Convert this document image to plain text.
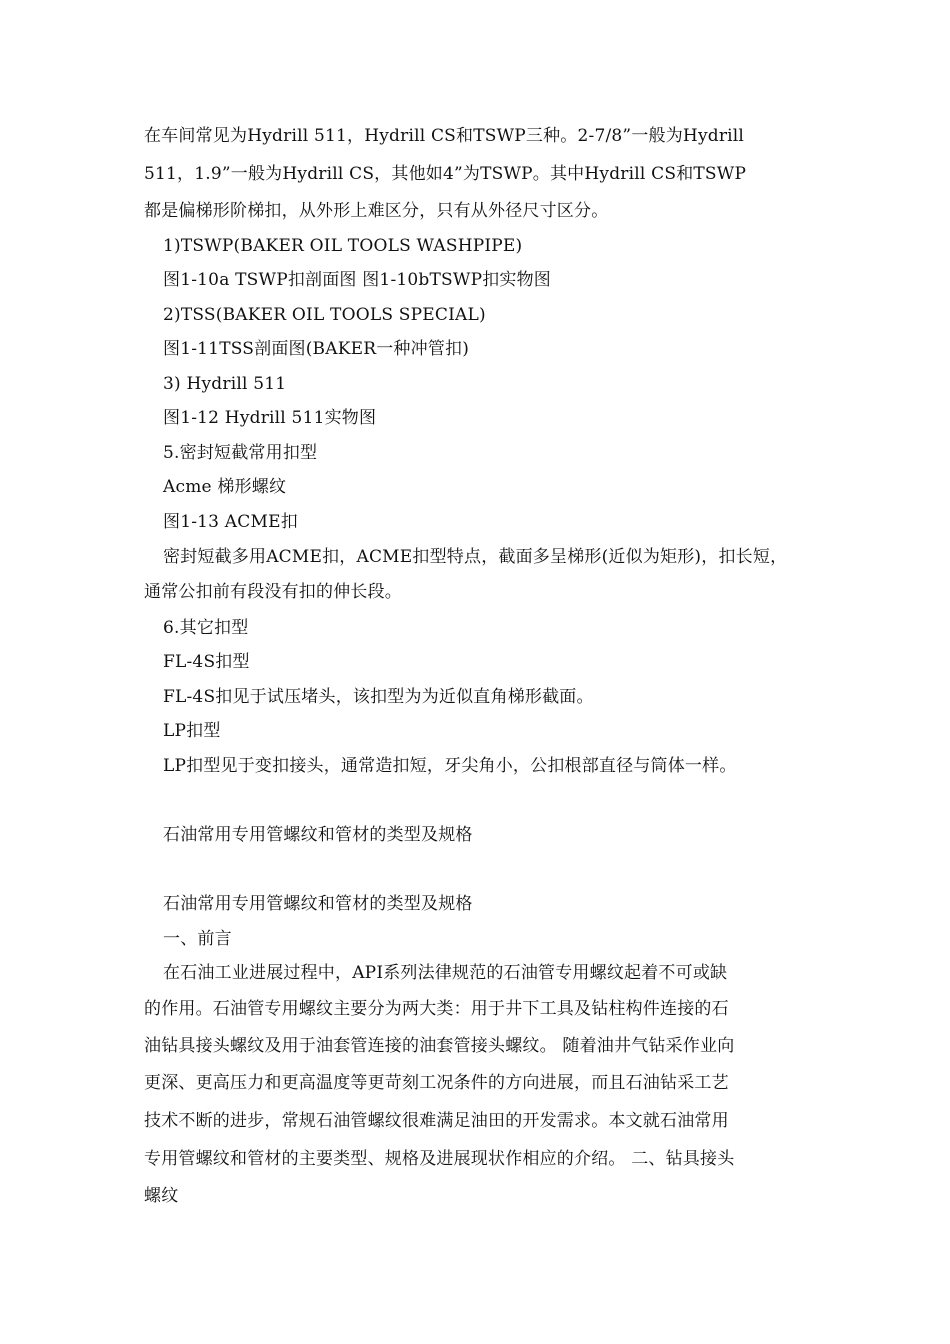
在车间常见为Hydrill 511，Hydrill CS和TSWP三种。2-7/8”一般为Hydrill
511，1.9”一般为Hydrill CS，其他如4”为TSWP。其中Hydrill CS和TSWP
都是偏梯形阶梯扣，从外形上难区分，只有从外径尺寸区分。
1)TSWP(BAKER OIL TOOLS WASHPIPE)
图1-10a TSWP扣剖面图 图1-10bTSWP扣实物图
2)TSS(BAKER OIL TOOLS SPECIAL)
图1-11TSS剖面图(BAKER一种冲管扣)
3) Hydrill 511
图1-12 Hydrill 511实物图
5.密封短截常用扣型
Acme 梯形螺纹
图1-13 ACME扣
密封短截多用ACME扣，ACME扣型特点，截面多呈梯形(近似为矩形)，扣长短，
通常公扣前有段没有扣的伸长段。
6.其它扣型
FL-4S扣型
FL-4S扣见于试压堵头，该扣型为为近似直角梯形截面。
LP扣型
LP扣型见于变扣接头，通常造扣短，牙尖角小，公扣根部直径与筒体一样。
石油常用专用管螺纹和管材的类型及规格
石油常用专用管螺纹和管材的类型及规格
一、前言
在石油工业进展过程中，API系列法律规范的石油管专用螺纹起着不可或缺
的作用。石油管专用螺纹主要分为两大类：用于井下工具及钻柱构件连接的石
油钻具接头螺纹及用于油套管连接的油套管接头螺纹。 随着油井气钻采作业向
更深、更高压力和更高温度等更苛刻工况条件的方向进展，而且石油钻采工艺
技术不断的进步，常规石油管螺纹很难满足油田的开发需求。本文就石油常用
专用管螺纹和管材的主要类型、规格及进展现状作相应的介绍。 二、钻具接头
螺纹
